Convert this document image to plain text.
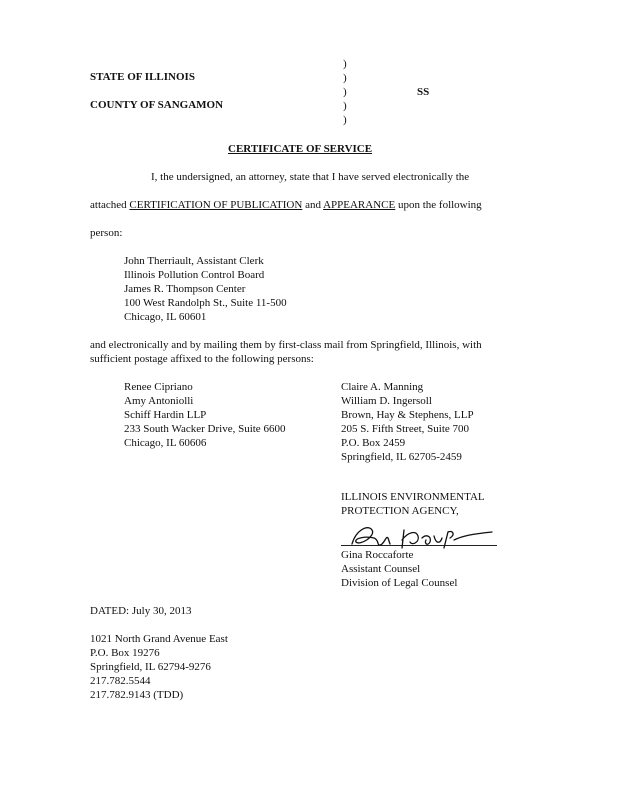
STATE OF ILLINOIS
COUNTY OF SANGAMON
SS
)
)
)
)
)
CERTIFICATE OF SERVICE
I, the undersigned, an attorney, state that I have served electronically the
attached CERTIFICATION OF PUBLICATION and APPEARANCE upon the following
person:
John Therriault, Assistant Clerk
Illinois Pollution Control Board
James R. Thompson Center
100 West Randolph St., Suite 11-500
Chicago, IL 60601
and electronically and by mailing them by first-class mail from Springfield, Illinois, with
sufficient postage affixed to the following persons:
Renee Cipriano
Amy Antoniolli
Schiff Hardin LLP
233 South Wacker Drive, Suite 6600
Chicago, IL 60606
Claire A. Manning
William D. Ingersoll
Brown, Hay & Stephens, LLP
205 S. Fifth Street, Suite 700
P.O. Box 2459
Springfield, IL 62705-2459
ILLINOIS ENVIRONMENTAL
PROTECTION AGENCY,
Gina Roccaforte
Assistant Counsel
Division of Legal Counsel
DATED: July 30, 2013
1021 North Grand Avenue East
P.O. Box 19276
Springfield, IL 62794-9276
217.782.5544
217.782.9143 (TDD)
